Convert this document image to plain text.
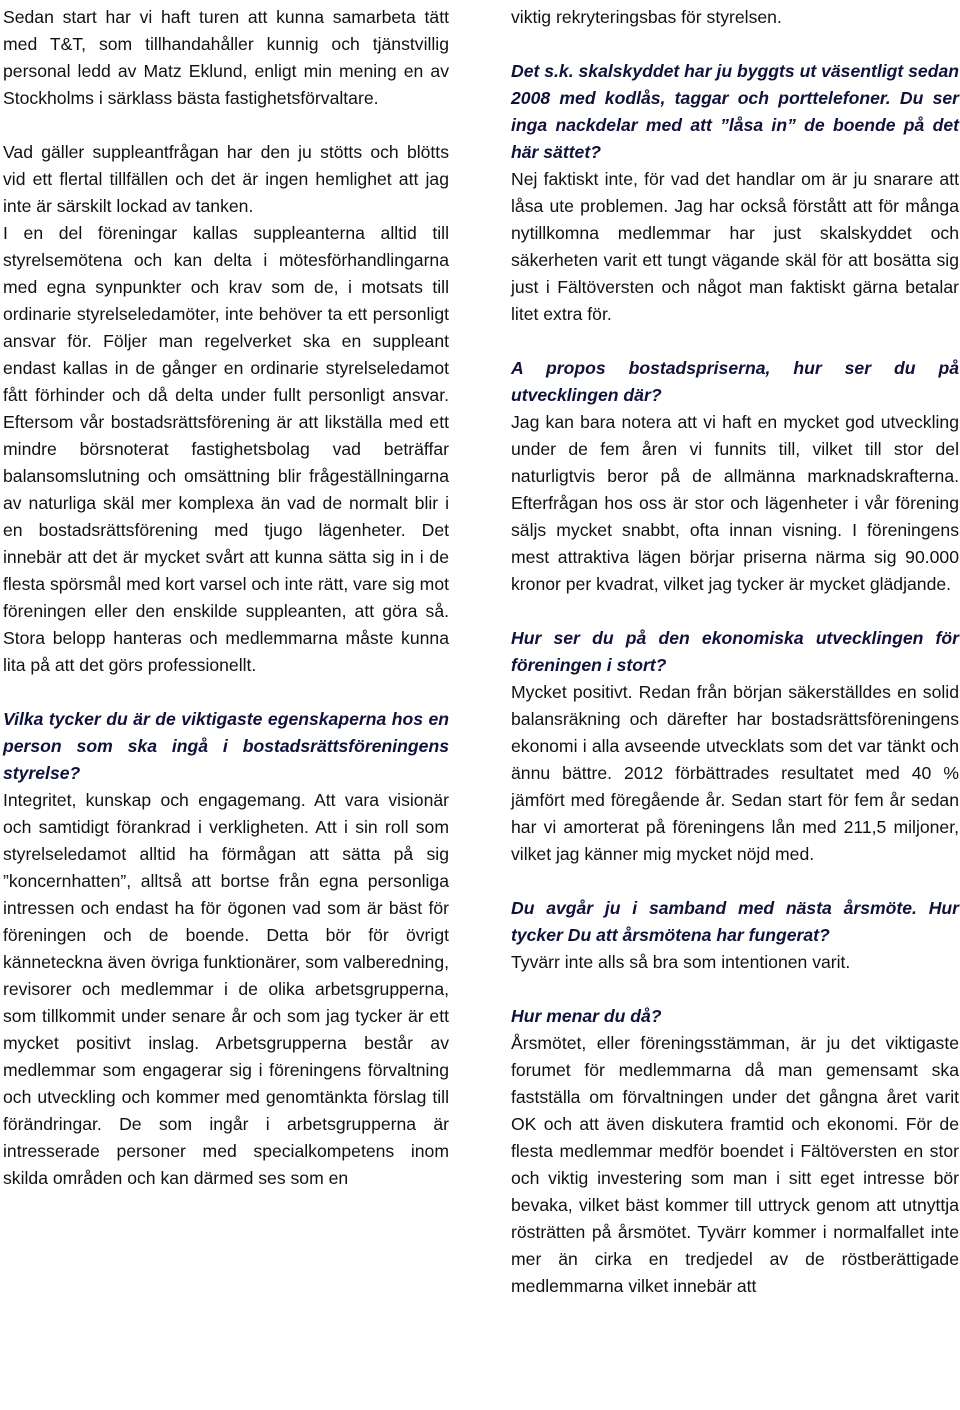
Sedan start har vi haft turen att kunna samarbeta tätt med T&T, som tillhandahåller kunnig och tjänstvillig personal ledd av Matz Eklund, enligt min mening en av Stockholms i särklass bästa fastighetsförvaltare.

Vad gäller suppleantfrågan har den ju stötts och blötts vid ett flertal tillfällen och det är ingen hemlighet att jag inte är särskilt lockad av tanken.

I en del föreningar kallas suppleanterna alltid till styrelsemötena och kan delta i mötesförhandlingarna med egna synpunkter och krav som de, i motsats till ordinarie styrelseledamöter, inte behöver ta ett personligt ansvar för. Följer man regelverket ska en suppleant endast kallas in de gånger en ordinarie styrelseledamot fått förhinder och då delta under fullt personligt ansvar. Eftersom vår bostadsrättsförening är att likställa med ett mindre börsnoterat fastighetsbolag vad beträffar balansomslutning och omsättning blir frågeställningarna av naturliga skäl mer komplexa än vad de normalt blir i en bostadsrättsförening med tjugo lägenheter. Det innebär att det är mycket svårt att kunna sätta sig in i de flesta spörsmål med kort varsel och inte rätt, vare sig mot föreningen eller den enskilde suppleanten, att göra så. Stora belopp hanteras och medlemmarna måste kunna lita på att det görs professionellt.

Vilka tycker du är de viktigaste egenskaperna hos en person som ska ingå i bostadsrättsföreningens styrelse?

Integritet, kunskap och engagemang. Att vara visionär och samtidigt förankrad i verkligheten. Att i sin roll som styrelseledamot alltid ha förmågan att sätta på sig ”koncernhatten”, alltså att bortse från egna personliga intressen och endast ha för ögonen vad som är bäst för föreningen och de boende. Detta bör för övrigt känneteckna även övriga funktionärer, som valberedning, revisorer och medlemmar i de olika arbetsgrupperna, som tillkommit under senare år och som jag tycker är ett mycket positivt inslag. Arbetsgrupperna består av medlemmar som engagerar sig i föreningens förvaltning och utveckling och kommer med genomtänkta förslag till förändringar. De som ingår i arbetsgrupperna är intresserade personer med specialkompetens inom skilda områden och kan därmed ses som en

viktig rekryteringsbas för styrelsen.

Det s.k. skalskyddet har ju byggts ut väsentligt sedan 2008 med kodlås, taggar och porttelefoner. Du ser inga nackdelar med att ”låsa in” de boende på det här sättet?

Nej faktiskt inte, för vad det handlar om är ju snarare att låsa ute problemen. Jag har också förstått att för många nytillkomna medlemmar har just skalskyddet och säkerheten varit ett tungt vägande skäl för att bosätta sig just i Fältöversten och något man faktiskt gärna betalar litet extra för.

A propos bostadspriserna, hur ser du på utvecklingen där?

Jag kan bara notera att vi haft en mycket god utveckling under de fem åren vi funnits till, vilket till stor del naturligtvis beror på de allmänna marknadskrafterna. Efterfrågan hos oss är stor och lägenheter i vår förening säljs mycket snabbt, ofta innan visning. I föreningens mest attraktiva lägen börjar priserna närma sig 90.000 kronor per kvadrat, vilket jag tycker är mycket glädjande.

Hur ser du på den ekonomiska utvecklingen för föreningen i stort?

Mycket positivt. Redan från början säkerställdes en solid balansräkning och därefter har bostadsrättsföreningens ekonomi i alla avseende utvecklats som det var tänkt och ännu bättre. 2012 förbättrades resultatet med 40 % jämfört med föregående år. Sedan start för fem år sedan har vi amorterat på föreningens lån med 211,5 miljoner, vilket jag känner mig mycket nöjd med.

Du avgår ju i samband med nästa årsmöte. Hur tycker Du att årsmötena har fungerat?

Tyvärr inte alls så bra som intentionen varit.

Hur menar du då?

Årsmötet, eller föreningsstämman, är ju det viktigaste forumet för medlemmarna då man gemensamt ska fastställa om förvaltningen under det gångna året varit OK och att även diskutera framtid och ekonomi. För de flesta medlemmar medför boendet i Fältöversten en stor och viktig investering som man i sitt eget intresse bör bevaka, vilket bäst kommer till uttryck genom att utnyttja rösträtten på årsmötet. Tyvärr kommer i normalfallet inte mer än cirka en tredjedel av de röstberättigade medlemmarna vilket innebär att
